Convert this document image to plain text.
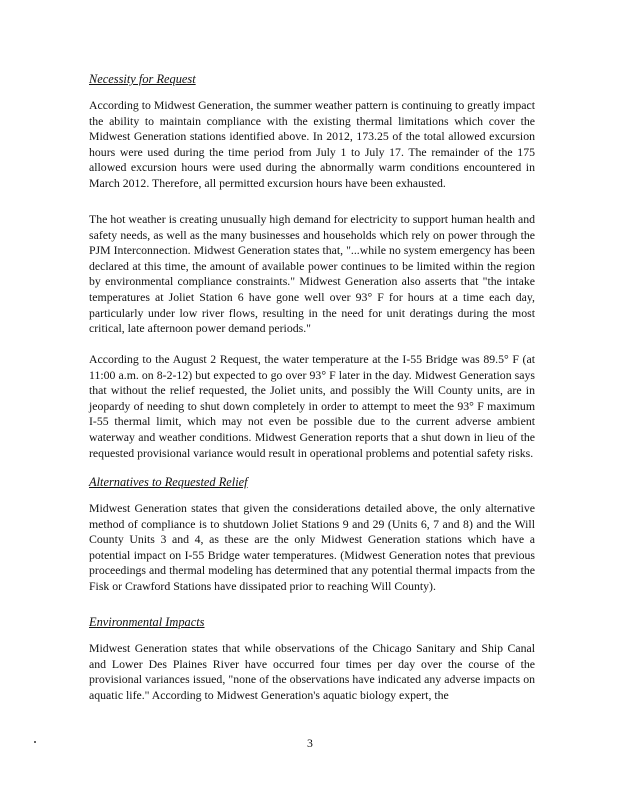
Necessity for Request
According to Midwest Generation, the summer weather pattern is continuing to greatly impact the ability to maintain compliance with the existing thermal limitations which cover the Midwest Generation stations identified above. In 2012, 173.25 of the total allowed excursion hours were used during the time period from July 1 to July 17. The remainder of the 175 allowed excursion hours were used during the abnormally warm conditions encountered in March 2012. Therefore, all permitted excursion hours have been exhausted.
The hot weather is creating unusually high demand for electricity to support human health and safety needs, as well as the many businesses and households which rely on power through the PJM Interconnection. Midwest Generation states that, "...while no system emergency has been declared at this time, the amount of available power continues to be limited within the region by environmental compliance constraints." Midwest Generation also asserts that "the intake temperatures at Joliet Station 6 have gone well over 93° F for hours at a time each day, particularly under low river flows, resulting in the need for unit deratings during the most critical, late afternoon power demand periods."
According to the August 2 Request, the water temperature at the I-55 Bridge was 89.5° F (at 11:00 a.m. on 8-2-12) but expected to go over 93° F later in the day. Midwest Generation says that without the relief requested, the Joliet units, and possibly the Will County units, are in jeopardy of needing to shut down completely in order to attempt to meet the 93° F maximum I-55 thermal limit, which may not even be possible due to the current adverse ambient waterway and weather conditions. Midwest Generation reports that a shut down in lieu of the requested provisional variance would result in operational problems and potential safety risks.
Alternatives to Requested Relief
Midwest Generation states that given the considerations detailed above, the only alternative method of compliance is to shutdown Joliet Stations 9 and 29 (Units 6, 7 and 8) and the Will County Units 3 and 4, as these are the only Midwest Generation stations which have a potential impact on I-55 Bridge water temperatures. (Midwest Generation notes that previous proceedings and thermal modeling has determined that any potential thermal impacts from the Fisk or Crawford Stations have dissipated prior to reaching Will County).
Environmental Impacts
Midwest Generation states that while observations of the Chicago Sanitary and Ship Canal and Lower Des Plaines River have occurred four times per day over the course of the provisional variances issued, "none of the observations have indicated any adverse impacts on aquatic life." According to Midwest Generation's aquatic biology expert, the
3
